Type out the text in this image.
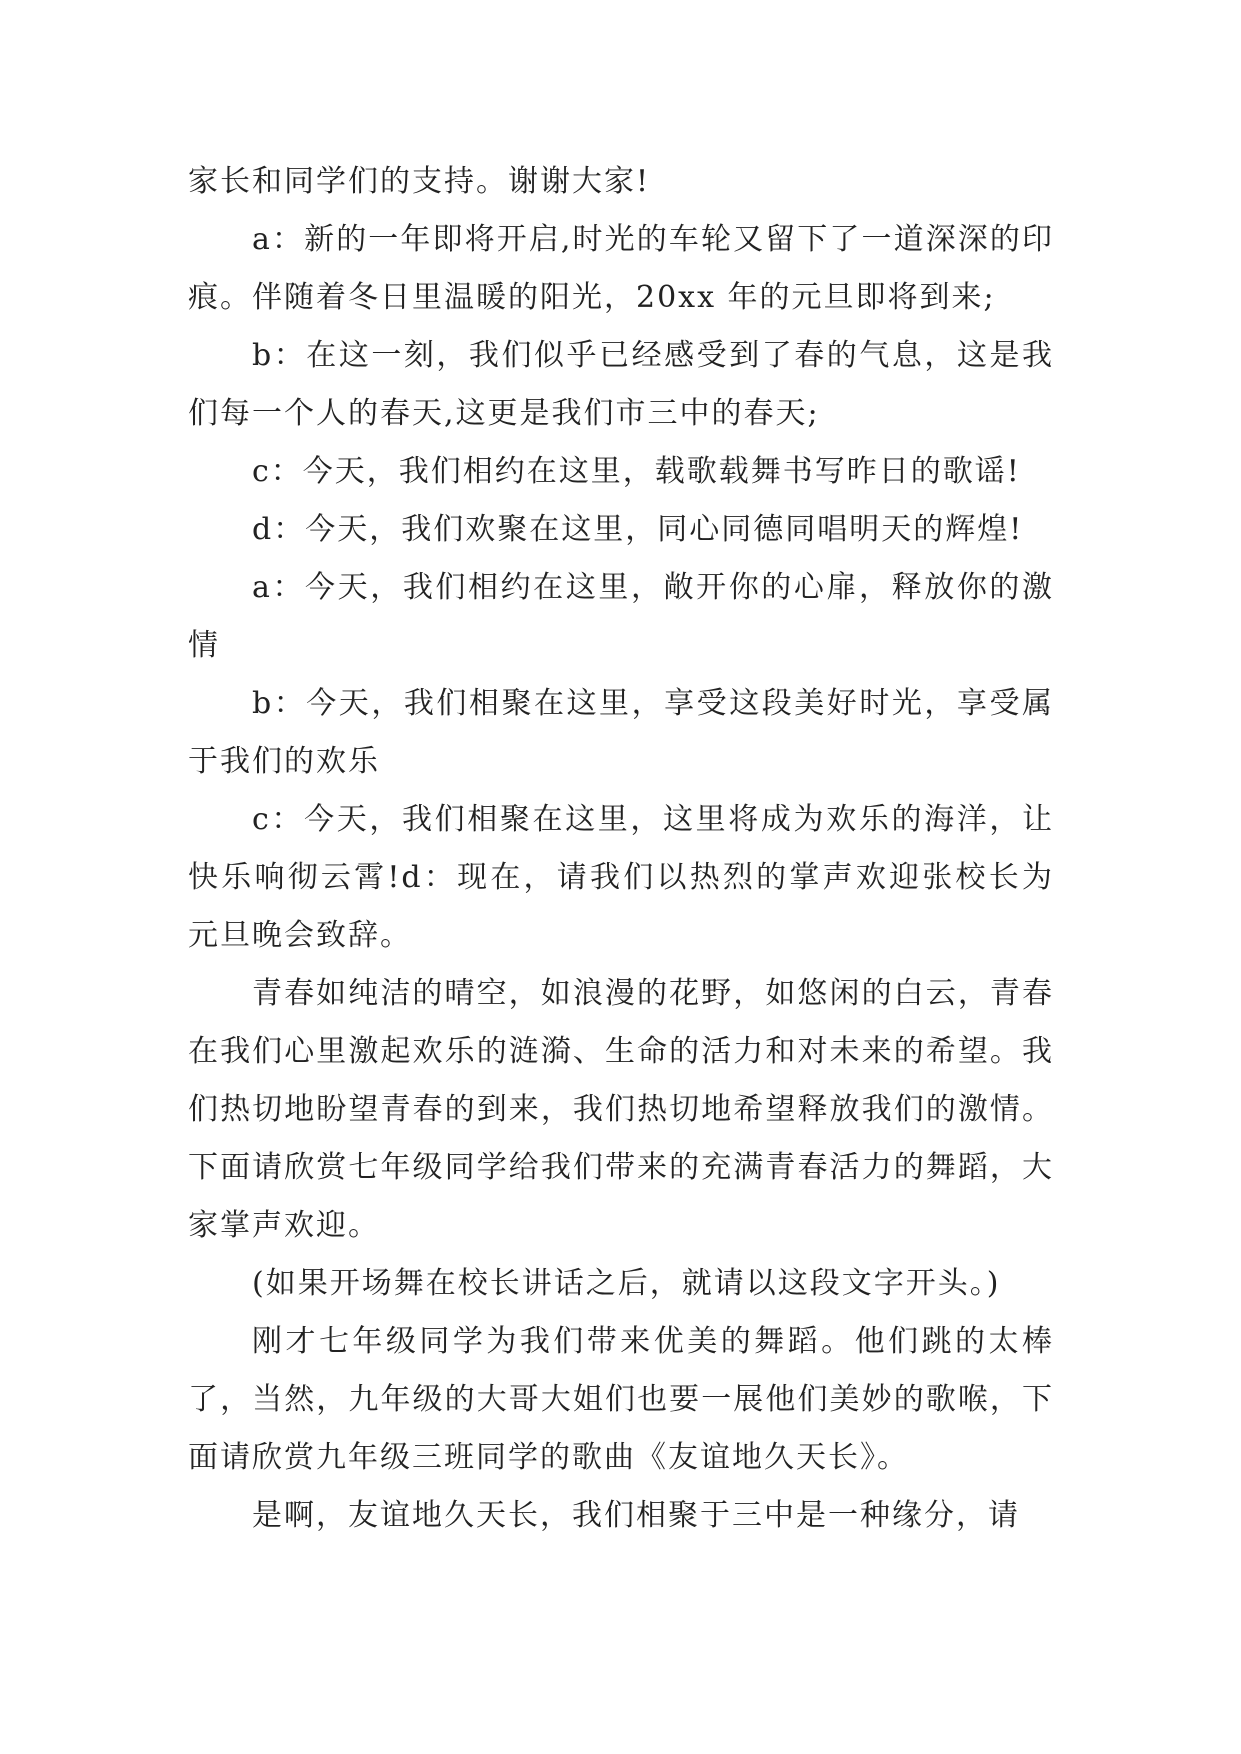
家长和同学们的支持。谢谢大家!

a：新的一年即将开启,时光的车轮又留下了一道深深的印痕。伴随着冬日里温暖的阳光，20xx 年的元旦即将到来;

b：在这一刻，我们似乎已经感受到了春的气息，这是我们每一个人的春天,这更是我们市三中的春天;

c：今天，我们相约在这里，载歌载舞书写昨日的歌谣!

d：今天，我们欢聚在这里，同心同德同唱明天的辉煌!

a：今天，我们相约在这里，敞开你的心扉，释放你的激情

b：今天，我们相聚在这里，享受这段美好时光，享受属于我们的欢乐

c：今天，我们相聚在这里，这里将成为欢乐的海洋，让快乐响彻云霄!d：现在，请我们以热烈的掌声欢迎张校长为元旦晚会致辞。

青春如纯洁的晴空，如浪漫的花野，如悠闲的白云，青春在我们心里激起欢乐的涟漪、生命的活力和对未来的希望。我们热切地盼望青春的到来，我们热切地希望释放我们的激情。下面请欣赏七年级同学给我们带来的充满青春活力的舞蹈，大家掌声欢迎。

(如果开场舞在校长讲话之后，就请以这段文字开头。)

刚才七年级同学为我们带来优美的舞蹈。他们跳的太棒了，当然，九年级的大哥大姐们也要一展他们美妙的歌喉，下面请欣赏九年级三班同学的歌曲《友谊地久天长》。

是啊，友谊地久天长，我们相聚于三中是一种缘分，请
